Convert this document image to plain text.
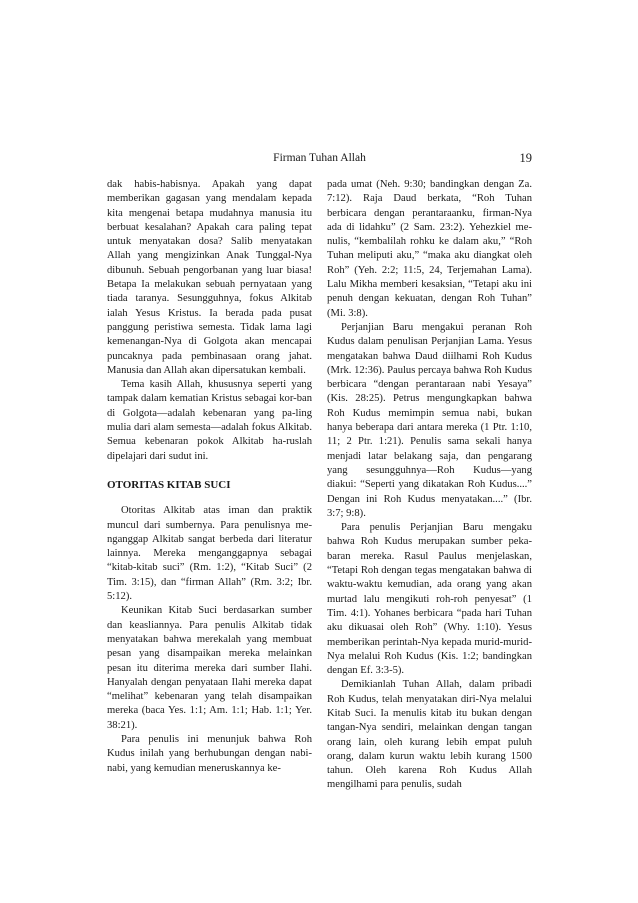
Firman Tuhan Allah	19

dak habis-habisnya. Apakah yang dapat memberikan gagasan yang mendalam kepada kita mengenai betapa mudahnya manusia itu berbuat kesalahan? Apakah cara paling tepat untuk menyatakan dosa? Salib menyatakan Allah yang mengizinkan Anak Tunggal-Nya dibunuh. Sebuah pengorbanan yang luar biasa! Betapa Ia melakukan sebuah pernyataan yang tiada taranya. Sesungguhnya, fokus Alkitab ialah Yesus Kristus. Ia berada pada pusat panggung peristiwa semesta. Tidak lama lagi kemenangan-Nya di Golgota akan mencapai puncaknya pada pembinasaan orang jahat. Manusia dan Allah akan dipersatukan kembali.

Tema kasih Allah, khususnya seperti yang tampak dalam kematian Kristus sebagai kor-ban di Golgota—adalah kebenaran yang pa-ling mulia dari alam semesta—adalah fokus Alkitab. Semua kebenaran pokok Alkitab ha-ruslah dipelajari dari sudut ini.

OTORITAS KITAB SUCI

Otoritas Alkitab atas iman dan praktik muncul dari sumbernya. Para penulisnya menganggap Alkitab sangat berbeda dari literatur lainnya. Mereka menganggapnya sebagai “kitab-kitab suci” (Rm. 1:2), “Kitab Suci” (2 Tim. 3:15), dan “firman Allah” (Rm. 3:2; Ibr. 5:12).

Keunikan Kitab Suci berdasarkan sumber dan keasliannya. Para penulis Alkitab tidak menyatakan bahwa merekalah yang membuat pesan yang disampaikan mereka melainkan pesan itu diterima mereka dari sumber Ilahi. Hanyalah dengan penyataan Ilahi mereka dapat “melihat” kebenaran yang telah disampaikan mereka (baca Yes. 1:1; Am. 1:1; Hab. 1:1; Yer. 38:21).

Para penulis ini menunjuk bahwa Roh Kudus inilah yang berhubungan dengan nabi-nabi, yang kemudian meneruskannya ke-

pada umat (Neh. 9:30; bandingkan dengan Za. 7:12). Raja Daud berkata, “Roh Tuhan berbicara dengan perantaraanku, firman-Nya ada di lidahku” (2 Sam. 23:2). Yehezkiel menulis, “kembalilah rohku ke dalam aku,” “Roh Tuhan meliputi aku,” “maka aku diangkat oleh Roh” (Yeh. 2:2; 11:5, 24, Terjemahan Lama). Lalu Mikha memberi kesaksian, “Tetapi aku ini penuh dengan kekuatan, dengan Roh Tuhan” (Mi. 3:8).

Perjanjian Baru mengakui peranan Roh Kudus dalam penulisan Perjanjian Lama. Yesus mengatakan bahwa Daud diilhami Roh Kudus (Mrk. 12:36). Paulus percaya bahwa Roh Kudus berbicara “dengan perantaraan nabi Yesaya” (Kis. 28:25). Petrus mengungkapkan bahwa Roh Kudus memimpin semua nabi, bukan hanya beberapa dari antara mereka (1 Ptr. 1:10, 11; 2 Ptr. 1:21). Penulis sama sekali hanya menjadi latar belakang saja, dan pengarang yang sesungguhnya—Roh Kudus—yang diakui: “Seperti yang dikatakan Roh Kudus....” Dengan ini Roh Kudus menyatakan....” (Ibr. 3:7; 9:8).

Para penulis Perjanjian Baru mengaku bahwa Roh Kudus merupakan sumber pekabaran mereka. Rasul Paulus menjelaskan, “Tetapi Roh dengan tegas mengatakan bahwa di waktu-waktu kemudian, ada orang yang akan murtad lalu mengikuti roh-roh penyesat” (1 Tim. 4:1). Yohanes berbicara “pada hari Tuhan aku dikuasai oleh Roh” (Why. 1:10). Yesus memberikan perintah-Nya kepada murid-murid-Nya melalui Roh Kudus (Kis. 1:2; bandingkan dengan Ef. 3:3-5).

Demikianlah Tuhan Allah, dalam pribadi Roh Kudus, telah menyatakan diri-Nya melalui Kitab Suci. Ia menulis kitab itu bukan dengan tangan-Nya sendiri, melainkan dengan tangan orang lain, oleh kurang lebih empat puluh orang, dalam kurun waktu lebih kurang 1500 tahun. Oleh karena Roh Kudus Allah mengilhami para penulis, sudah
